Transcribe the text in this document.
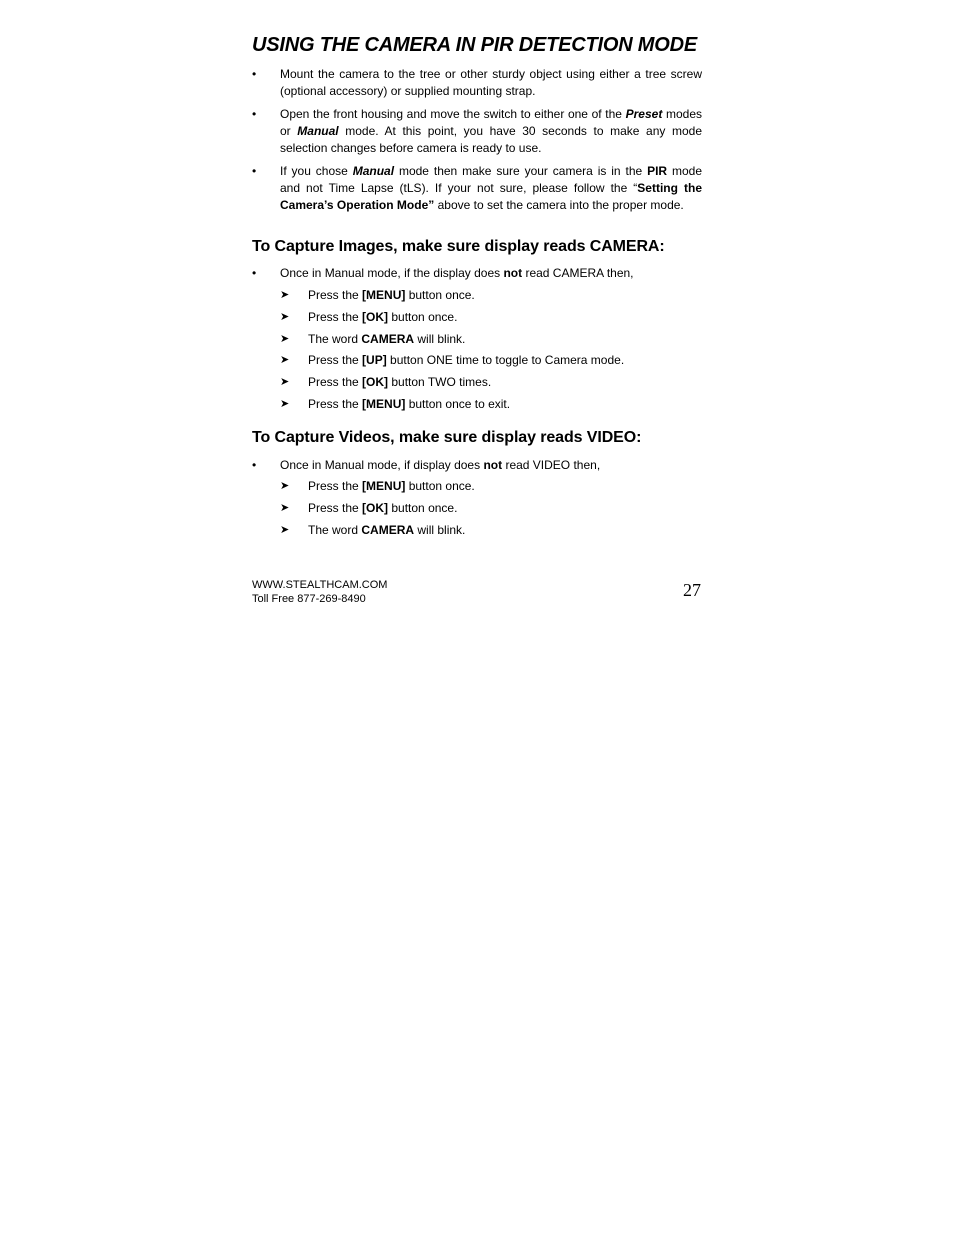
USING THE CAMERA IN PIR DETECTION MODE
•	Mount the camera to the tree or other sturdy object using either a tree screw (optional accessory) or supplied mounting strap.
•	Open the front housing and move the switch to either one of the Preset modes or Manual mode. At this point, you have 30 seconds to make any mode selection changes before camera is ready to use.
•	If you chose Manual mode then make sure your camera is in the PIR mode and not Time Lapse (tLS). If your not sure, please follow the “Setting the Camera’s Operation Mode” above to set the camera into the proper mode.
To Capture Images, make sure display reads CAMERA:
•	Once in Manual mode, if the display does not read CAMERA then,
➤ Press the [MENU] button once.
➤ Press the [OK] button once.
➤ The word CAMERA will blink.
➤ Press the [UP] button ONE time to toggle to Camera mode.
➤ Press the [OK] button TWO times.
➤ Press the [MENU] button once to exit.
To Capture Videos, make sure display reads VIDEO:
•	Once in Manual mode, if display does not read VIDEO then,
➤ Press the [MENU] button once.
➤ Press the [OK] button once.
➤ The word CAMERA will blink.
WWW.STEALTHCAM.COM
Toll Free 877-269-8490	27
